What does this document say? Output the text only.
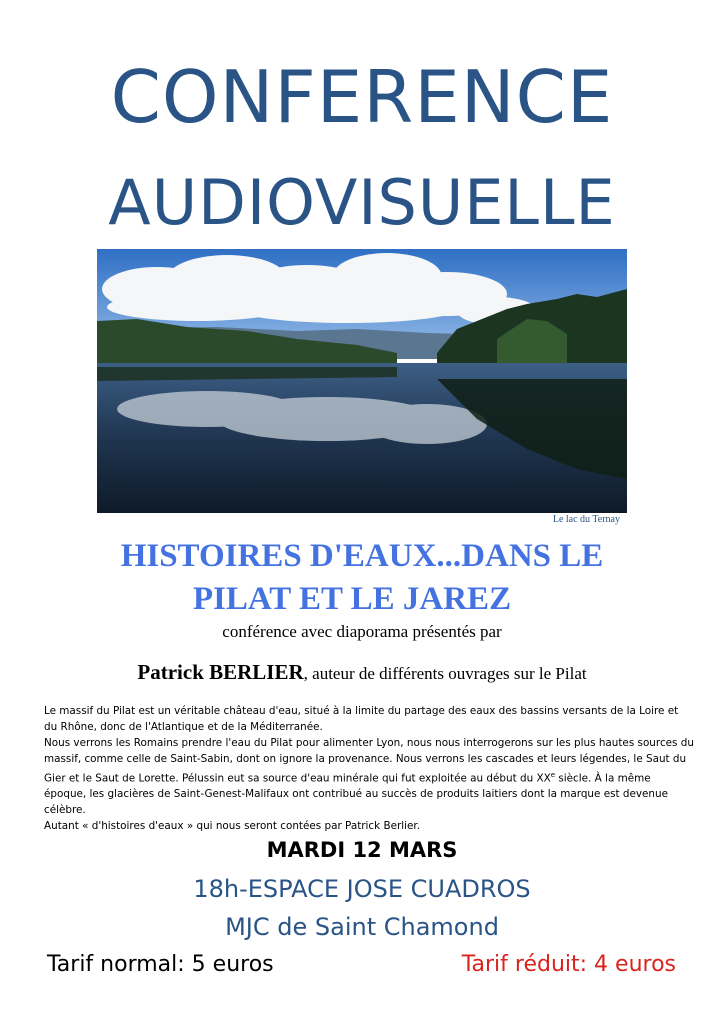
CONFERENCE
AUDIOVISUELLE
Le lac du Ternay
HISTOIRES D'EAUX...DANS LE
PILAT ET LE JAREZ
conférence avec diaporama présentés par
Patrick BERLIER, auteur de différents ouvrages sur le Pilat

Le massif du Pilat est un véritable château d'eau, situé à la limite du partage des eaux des bassins versants de la Loire et du Rhône, donc de l'Atlantique et de la Méditerranée.

Nous verrons les Romains prendre l'eau du Pilat pour alimenter Lyon, nous nous interrogerons sur les plus hautes sources du massif, comme celle de Saint-Sabin, dont on ignore la provenance. Nous verrons les cascades et leurs légendes, le Saut du Gier et le Saut de Lorette. Pélussin eut sa source d'eau minérale qui fut exploitée au début du XXe siècle. À la même époque, les glacières de Saint-Genest-Malifaux ont contribué au succès de produits laitiers dont la marque est devenue célèbre.

Autant « d'histoires d'eaux » qui nous seront contées par Patrick Berlier.

MARDI 12 MARS
18h-ESPACE JOSE CUADROS
MJC de Saint Chamond
Tarif normal: 5 euros	Tarif réduit: 4 euros
